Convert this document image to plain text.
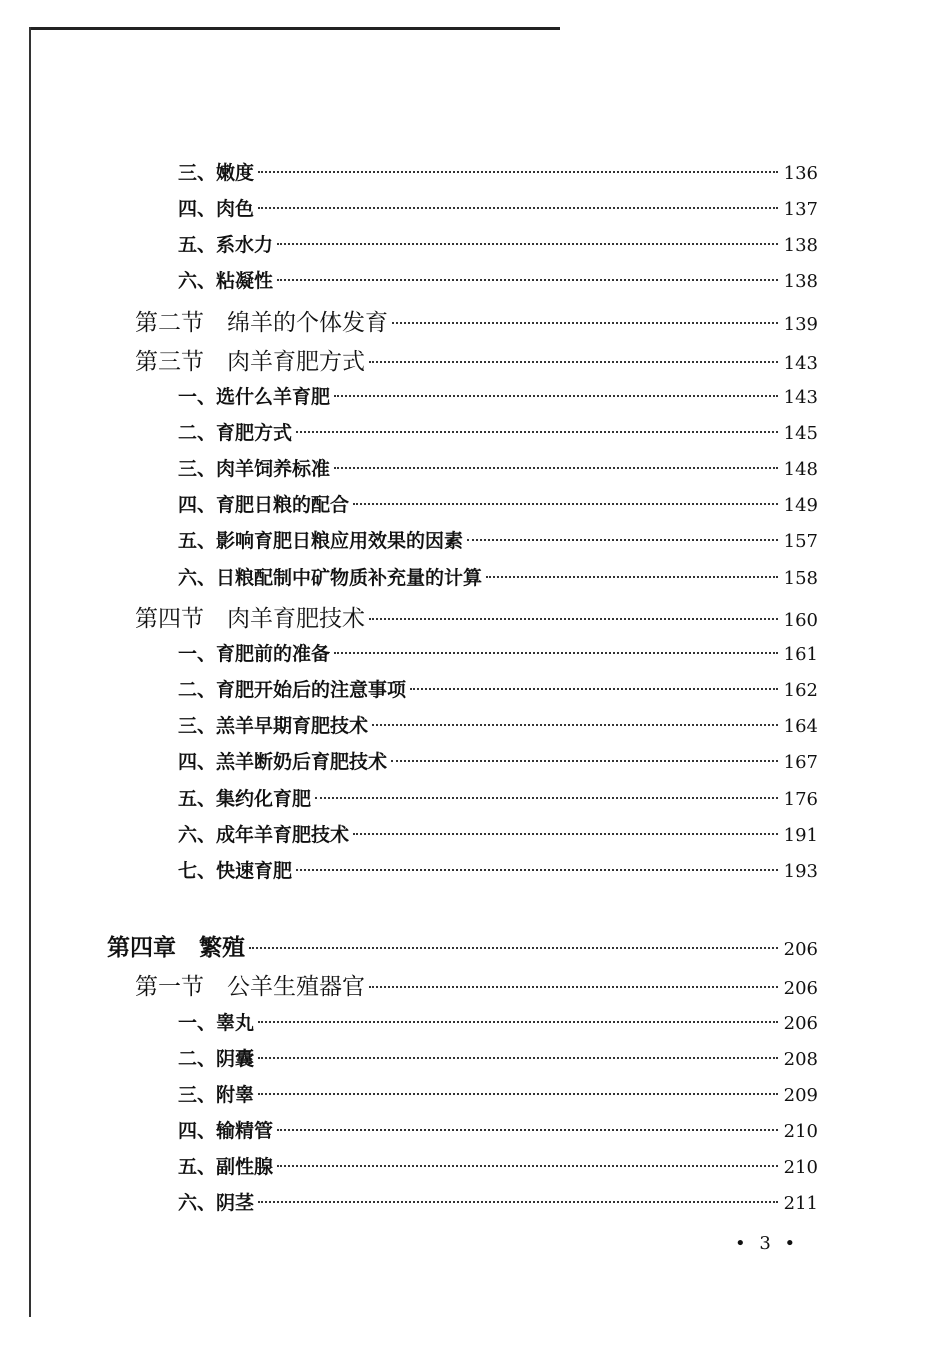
三、嫩度	136
四、肉色	137
五、系水力	138
六、粘凝性	138
第二节　绵羊的个体发育	139
第三节　肉羊育肥方式	143
一、选什么羊育肥	143
二、育肥方式	145
三、肉羊饲养标准	148
四、育肥日粮的配合	149
五、影响育肥日粮应用效果的因素	157
六、日粮配制中矿物质补充量的计算	158
第四节　肉羊育肥技术	160
一、育肥前的准备	161
二、育肥开始后的注意事项	162
三、羔羊早期育肥技术	164
四、羔羊断奶后育肥技术	167
五、集约化育肥	176
六、成年羊育肥技术	191
七、快速育肥	193
第四章　繁殖	206
第一节　公羊生殖器官	206
一、睾丸	206
二、阴囊	208
三、附睾	209
四、输精管	210
五、副性腺	210
六、阴茎	211
• 3 •
